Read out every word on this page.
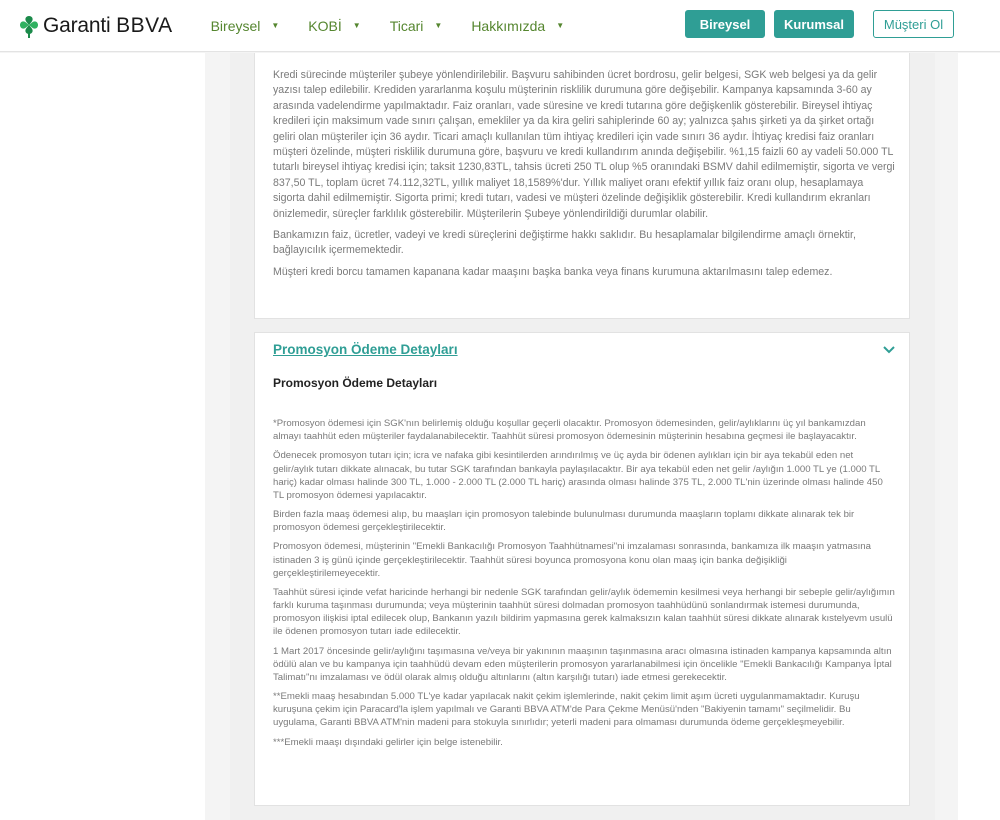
Garanti BBVA	Bireysel ▼ KOBİ ▼ Ticari ▼ Hakkımızda ▼	Bireysel	Kurumsal	Müşteri Ol

Kredi sürecinde müşteriler şubeye yönlendirilebilir. Başvuru sahibinden ücret bordrosu, gelir belgesi, SGK web belgesi ya da gelir yazısı talep edilebilir. Krediden yararlanma koşulu müşterinin risklilik durumuna göre değişebilir. Kampanya kapsamında 3-60 ay arasında vadelendirme yapılmaktadır. Faiz oranları, vade süresine ve kredi tutarına göre değişkenlik gösterebilir. Bireysel ihtiyaç kredileri için maksimum vade sınırı çalışan, emekliler ya da kira geliri sahiplerinde 60 ay; yalnızca şahıs şirketi ya da şirket ortağı geliri olan müşteriler için 36 aydır. Ticari amaçlı kullanılan tüm ihtiyaç kredileri için vade sınırı 36 aydır. İhtiyaç kredisi faiz oranları müşteri özelinde, müşteri risklilik durumuna göre, başvuru ve kredi kullandırım anında değişebilir. %1,15 faizli 60 ay vadeli 50.000 TL tutarlı bireysel ihtiyaç kredisi için; taksit 1230,83TL, tahsis ücreti 250 TL olup %5 oranındaki BSMV dahil edilmemiştir, sigorta ve vergi 837,50 TL, toplam ücret 74.112,32TL, yıllık maliyet 18,1589%'dur. Yıllık maliyet oranı efektif yıllık faiz oranı olup, hesaplamaya sigorta dahil edilmemiştir. Sigorta primi; kredi tutarı, vadesi ve müşteri özelinde değişiklik gösterebilir. Kredi kullandırım ekranları önizlemedir, süreçler farklılık gösterebilir. Müşterilerin Şubeye yönlendirildiği durumlar olabilir.

Bankamızın faiz, ücretler, vadeyi ve kredi süreçlerini değiştirme hakkı saklıdır. Bu hesaplamalar bilgilendirme amaçlı örnektir, bağlayıcılık içermemektedir.

Müşteri kredi borcu tamamen kapanana kadar maaşını başka banka veya finans kurumuna aktarılmasını talep edemez.

Promosyon Ödeme Detayları
Promosyon Ödeme Detayları

*Promosyon ödemesi için SGK'nın belirlemiş olduğu koşullar geçerli olacaktır. Promosyon ödemesinden, gelir/aylıklarını üç yıl bankamızdan almayı taahhüt eden müşteriler faydalanabilecektir. Taahhüt süresi promosyon ödemesinin müşterinin hesabına geçmesi ile başlayacaktır.

Ödenecek promosyon tutarı için; icra ve nafaka gibi kesintilerden arındırılmış ve üç ayda bir ödenen aylıkları için bir aya tekabül eden net gelir/aylık tutarı dikkate alınacak, bu tutar SGK tarafından bankayla paylaşılacaktır. Bir aya tekabül eden net gelir /aylığın 1.000 TL ye (1.000 TL hariç) kadar olması halinde 300 TL, 1.000 - 2.000 TL (2.000 TL hariç) arasında olması halinde 375 TL, 2.000 TL'nin üzerinde olması halinde 450 TL promosyon ödemesi yapılacaktır.

Birden fazla maaş ödemesi alıp, bu maaşları için promosyon talebinde bulunulması durumunda maaşların toplamı dikkate alınarak tek bir promosyon ödemesi gerçekleştirilecektir.

Promosyon ödemesi, müşterinin "Emekli Bankacılığı Promosyon Taahhütnamesi"ni imzalaması sonrasında, bankamıza ilk maaşın yatmasına istinaden 3 iş günü içinde gerçekleştirilecektir. Taahhüt süresi boyunca promosyona konu olan maaş için banka değişikliği gerçekleştirilemeyecektir.

Taahhüt süresi içinde vefat haricinde herhangi bir nedenle SGK tarafından gelir/aylık ödememin kesilmesi veya herhangi bir sebeple gelir/aylığımın farklı kuruma taşınması durumunda; veya müşterinin taahhüt süresi dolmadan promosyon taahhüdünü sonlandırmak istemesi durumunda, promosyon ilişkisi iptal edilecek olup, Bankanın yazılı bildirim yapmasına gerek kalmaksızın kalan taahhüt süresi dikkate alınarak kıstelyevm usulü ile ödenen promosyon tutarı iade edilecektir.

1 Mart 2017 öncesinde gelir/aylığını taşımasına ve/veya bir yakınının maaşının taşınmasına aracı olmasına istinaden kampanya kapsamında altın ödülü alan ve bu kampanya için taahhüdü devam eden müşterilerin promosyon yararlanabilmesi için öncelikle "Emekli Bankacılığı Kampanya İptal Talimatı"nı imzalaması ve ödül olarak almış olduğu altınlarını (altın karşılığı tutarı) iade etmesi gerekecektir.

**Emekli maaş hesabından 5.000 TL'ye kadar yapılacak nakit çekim işlemlerinde, nakit çekim limit aşım ücreti uygulanmamaktadır. Kuruşu kuruşuna çekim için Paracard'la işlem yapılmalı ve Garanti BBVA ATM'de Para Çekme Menüsü'nden "Bakiyenin tamamı" seçilmelidir. Bu uygulama, Garanti BBVA ATM'nin madeni para stokuyla sınırlıdır; yeterli madeni para olmaması durumunda ödeme gerçekleşmeyebilir.

***Emekli maaşı dışındaki gelirler için belge istenebilir.
